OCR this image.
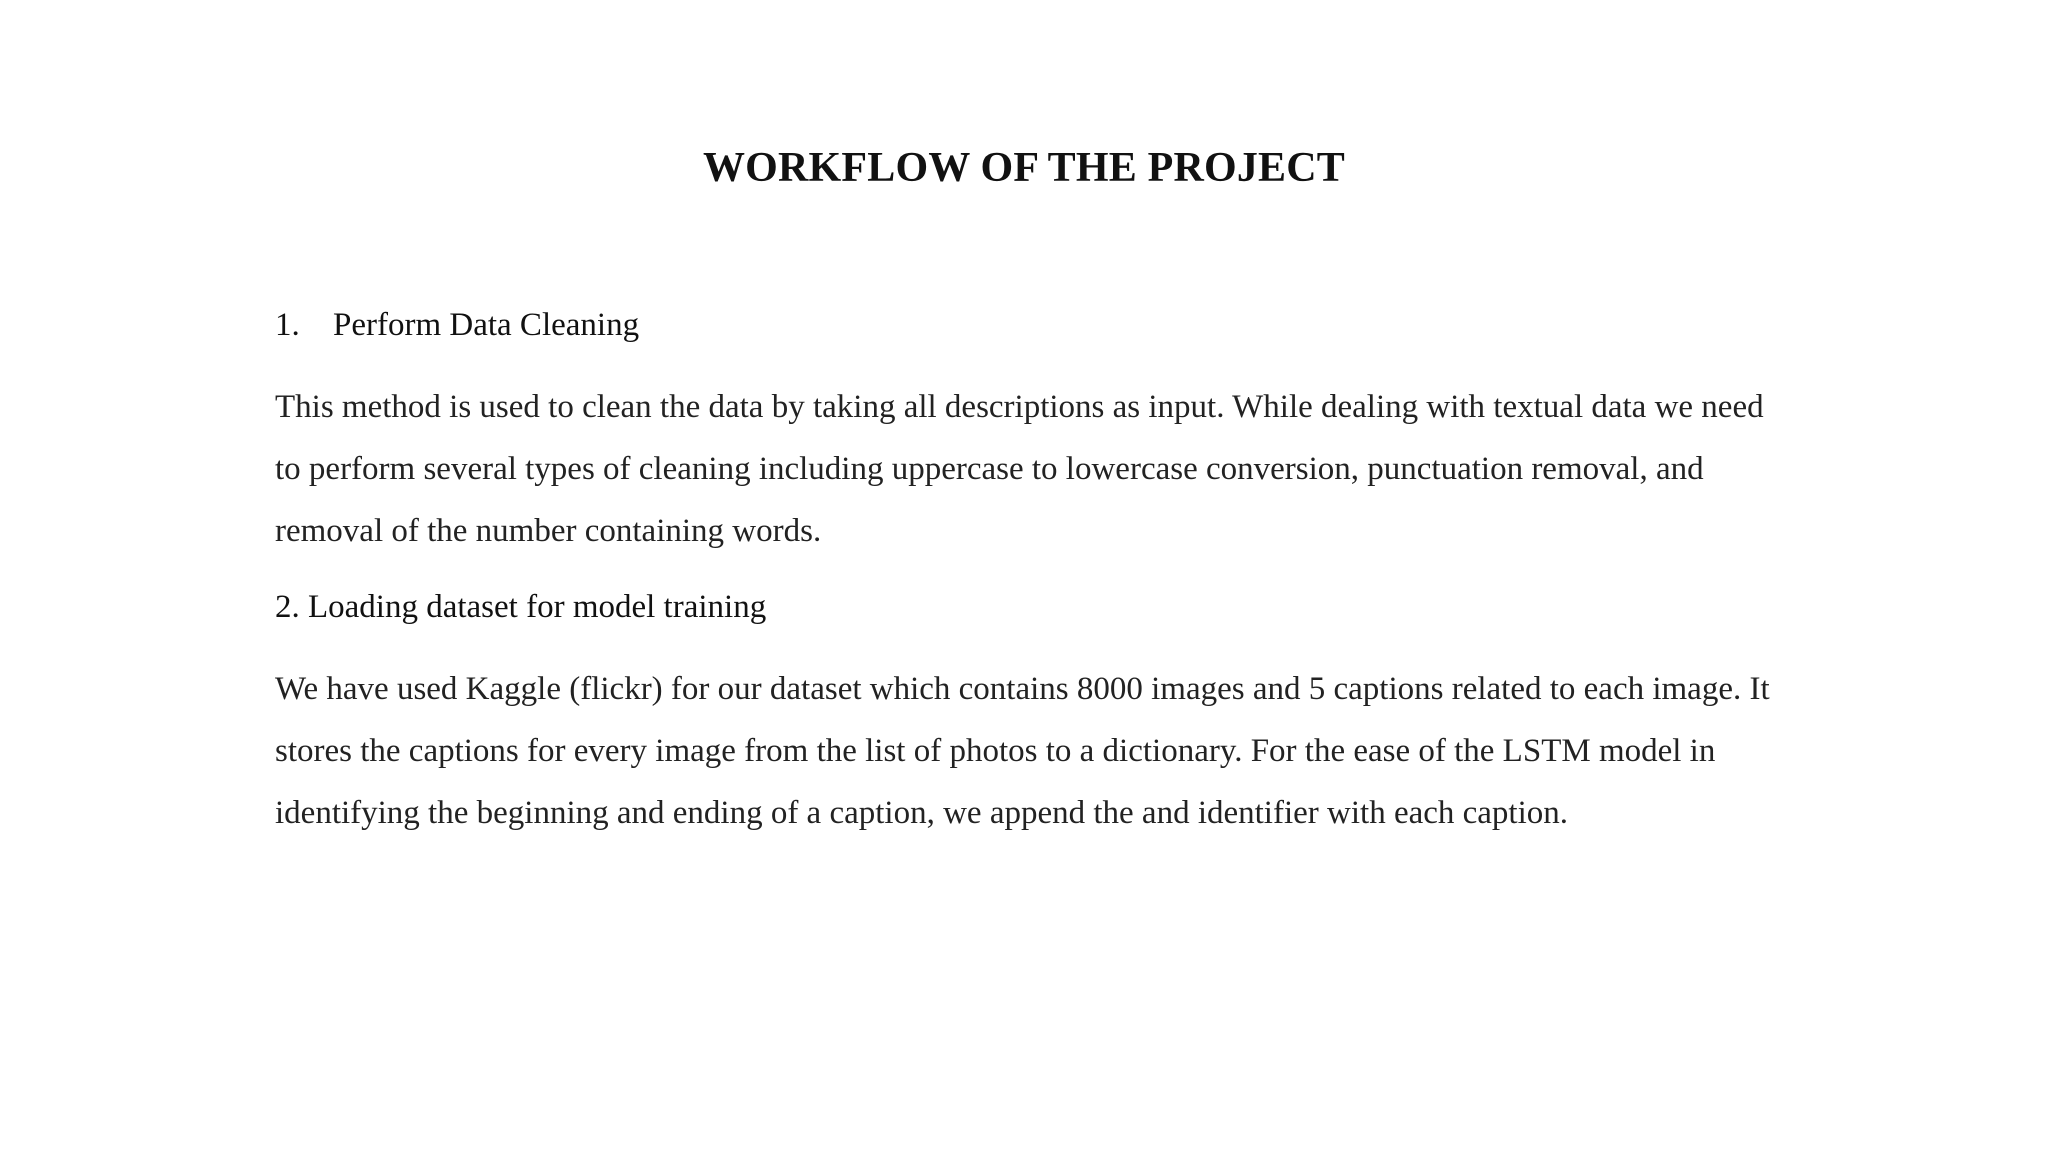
WORKFLOW OF THE PROJECT
1.	Perform Data Cleaning

This method is used to clean the data by taking all descriptions as input. While dealing with textual data we need to perform several types of cleaning including uppercase to lowercase conversion, punctuation removal, and removal of the number containing words.

2. Loading dataset for model training

We have used Kaggle (flickr) for our dataset which contains 8000 images and 5 captions related to each image. It stores the captions for every image from the list of photos to a dictionary. For the ease of the LSTM model in identifying the beginning and ending of a caption, we append the and identifier with each caption.
